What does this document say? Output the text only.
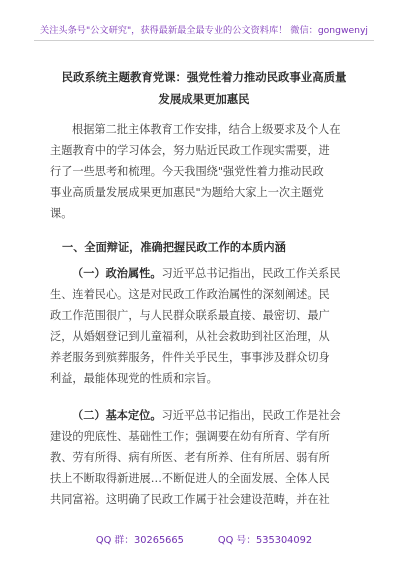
关注头条号"公文研究"，获得最新最全最专业的公文资料库！ 微信：gongwenyj
民政系统主题教育党课：强党性着力推动民政事业高质量
发展成果更加惠民
根据第二批主体教育工作安排，结合上级要求及个人在
主题教育中的学习体会，努力贴近民政工作现实需要，进
行了一些思考和梳理。今天我围绕"强党性着力推动民政
事业高质量发展成果更加惠民"为题给大家上一次主题党
课。
一、全面辩证，准确把握民政工作的本质内涵
（一）政治属性。习近平总书记指出，民政工作关系民
生、连着民心。这是对民政工作政治属性的深刻阐述。民
政工作范围很广，与人民群众联系最直接、最密切、最广
泛，从婚姻登记到儿童福利，从社会救助到社区治理，从
养老服务到殡葬服务，件件关乎民生，事事涉及群众切身
利益，最能体现党的性质和宗旨。
（二）基本定位。习近平总书记指出，民政工作是社会
建设的兜底性、基础性工作；强调要在幼有所育、学有所
教、劳有所得、病有所医、老有所养、住有所居、弱有所
扶上不断取得新进展…不断促进人的全面发展、全体人民
共同富裕。这明确了民政工作属于社会建设范畴，并在社
QQ 群：30265665	QQ 号：535304092
